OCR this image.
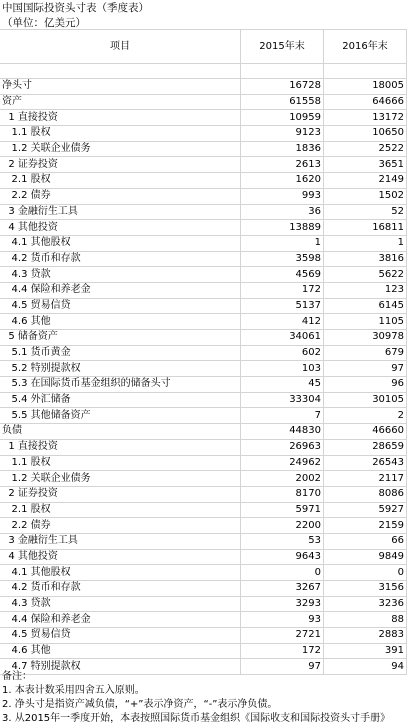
中国国际投资头寸表（季度表）
（单位：亿美元）
项目	2015年末	2016年末

净头寸	16728	18005
资产	61558	64666
1 直接投资	10959	13172
1.1 股权	9123	10650
1.2 关联企业债务	1836	2522
2 证券投资	2613	3651
2.1 股权	1620	2149
2.2 债券	993	1502
3 金融衍生工具	36	52
4 其他投资	13889	16811
4.1 其他股权	1	1
4.2 货币和存款	3598	3816
4.3 贷款	4569	5622
4.4 保险和养老金	172	123
4.5 贸易信贷	5137	6145
4.6 其他	412	1105
5 储备资产	34061	30978
5.1 货币黄金	602	679
5.2 特别提款权	103	97
5.3 在国际货币基金组织的储备头寸	45	96
5.4 外汇储备	33304	30105
5.5 其他储备资产	7	2
负债	44830	46660
1 直接投资	26963	28659
1.1 股权	24962	26543
1.2 关联企业债务	2002	2117
2 证券投资	8170	8086
2.1 股权	5971	5927
2.2 债券	2200	2159
3 金融衍生工具	53	66
4 其他投资	9643	9849
4.1 其他股权	0	0
4.2 货币和存款	3267	3156
4.3 贷款	3293	3236
4.4 保险和养老金	93	88
4.5 贸易信贷	2721	2883
4.6 其他	172	391
4.7 特别提款权	97	94
备注：
1. 本表计数采用四舍五入原则。
2. 净头寸是指资产减负债，“+”表示净资产，“-”表示净负债。
3. 从2015年一季度开始，本表按照国际货币基金组织《国际收支和国际投资头寸手册》
